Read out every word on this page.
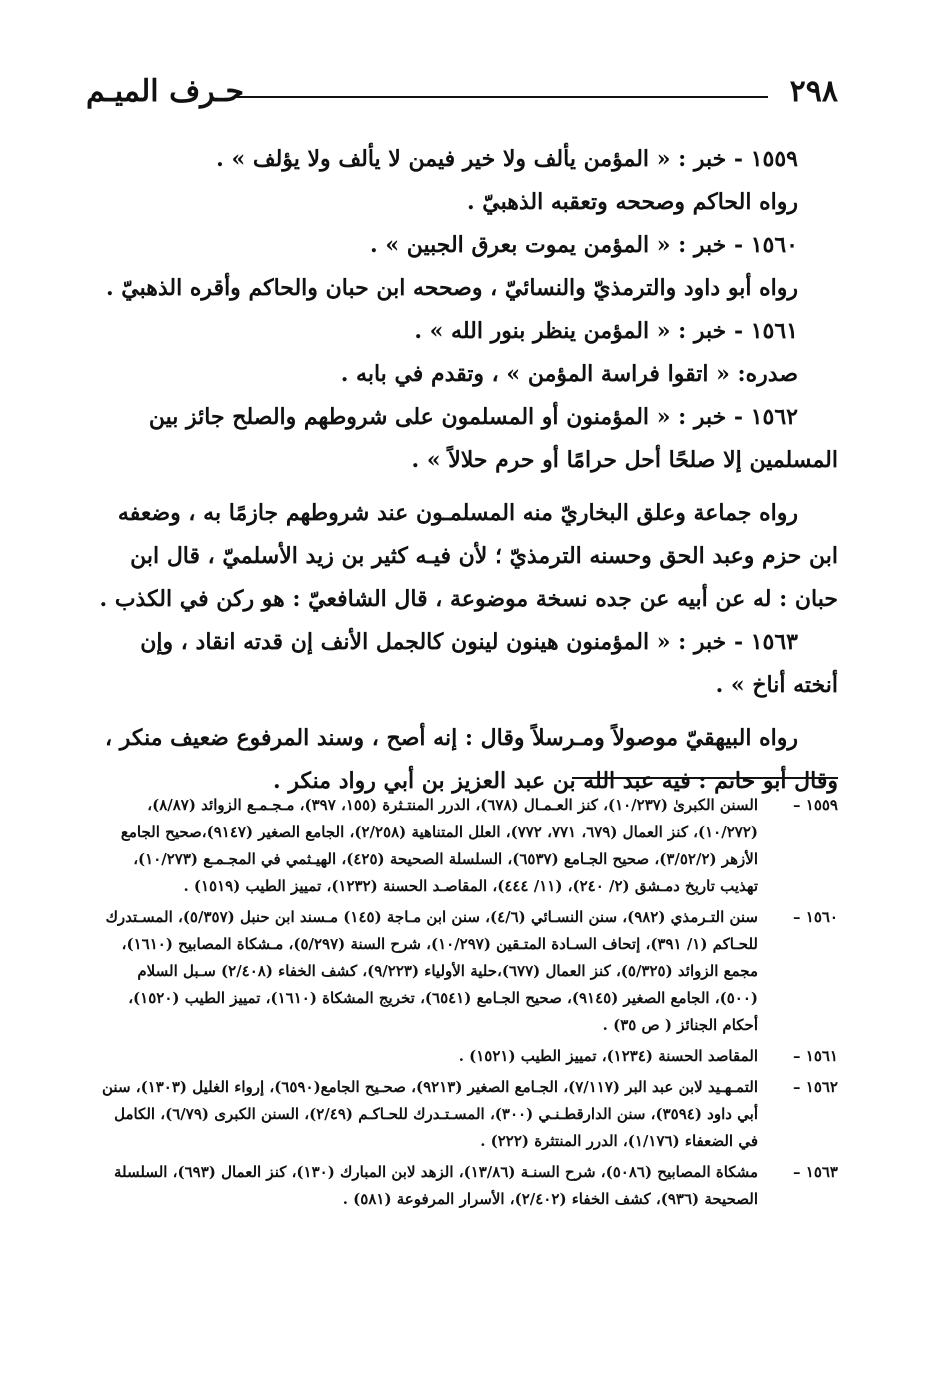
٢٩٨
حـرف الميـم

١٥٥٩ - خبر : « المؤمن يألف ولا خير فيمن لا يألف ولا يؤلف » .

رواه الحاكم وصححه وتعقبه الذهبيّ .

١٥٦٠ - خبر : « المؤمن يموت بعرق الجبين » .

رواه أبو داود والترمذيّ والنسائيّ ، وصححه ابن حبان والحاكم وأقره الذهبيّ .

١٥٦١ - خبر : « المؤمن ينظر بنور الله » .

صدره: « اتقوا فراسة المؤمن » ، وتقدم في بابه .

١٥٦٢ - خبر : « المؤمنون أو المسلمون على شروطهم والصلح جائز بين المسلمين إلا صلحًا أحل حرامًا أو حرم حلالاً » .

رواه جماعة وعلق البخاريّ منه المسلمـون عند شروطهم جازمًا به ، وضعفه ابن حزم وعبد الحق وحسنه الترمذيّ ؛ لأن فيـه كثير بن زيد الأسلميّ ، قال ابن حبان : له عن أبيه عن جده نسخة موضوعة ، قال الشافعيّ : هو ركن في الكذب .

١٥٦٣ - خبر : « المؤمنون هينون لينون كالجمل الأنف إن قدته انقاد ، وإن أنخته أناخ » .

رواه البيهقيّ موصولاً ومـرسلاً وقال : إنه أصح ، وسند المرفوع ضعيف منكر ، وقال أبو حاتم : فيه عبد الله بن عبد العزيز بن أبي رواد منكر .

١٥٥٩ –السنن الكبرىٰ (١٠/٢٣٧)، كنز العـمـال (٦٧٨)، الدرر المنتـثرة (١٥٥، ٣٩٧)، مـجـمـع الزوائد (٨/٨٧)، (١٠/٢٧٢)، كنز العمال (٦٧٩، ٧٧١، ٧٧٢)، العلل المتناهية (٢/٢٥٨)، الجامع الصغير (٩١٤٧)،صحيح الجامع الأزهر (٣/٥٢/٢)، صحيح الجـامع (٦٥٣٧)، السلسلة الصحيحة (٤٢٥)، الهيـثمي في المجـمـع (١٠/٢٧٣)، تهذيب تاريخ دمـشق (٢/ ٢٤٠)، (١١/ ٤٤٤)، المقاصـد الحسنة (١٢٣٢)، تمييز الطيب (١٥١٩) .

١٥٦٠ –سنن التـرمذي (٩٨٢)، سنن النسـائي (٤/٦)، سنن ابن مـاجة (١٤٥) مـسند ابن حنبل (٥/٣٥٧)، المسـتدرك للحـاكم (١/ ٣٩١)، إتحاف السـادة المتـقين (١٠/٢٩٧)، شرح السنة (٥/٢٩٧)، مـشكاة المصابيح (١٦١٠)، مجمع الزوائد (٥/٣٢٥)، كنز العمال (٦٧٧)،حلية الأولياء (٩/٢٢٣)، كشف الخفاء (٢/٤٠٨) سـبل السلام (٥٠٠)، الجامع الصغير (٩١٤٥)، صحيح الجـامع (٦٥٤١)، تخريج المشكاة (١٦١٠)، تمييز الطيب (١٥٢٠)، أحكام الجنائز ( ص ٣٥) .

١٥٦١ –المقاصد الحسنة (١٢٣٤)، تمييز الطيب (١٥٢١) .

١٥٦٢ –التمـهـيد لابن عبد البر (٧/١١٧)، الجـامع الصغير (٩٢١٣)، صحـيح الجامع(٦٥٩٠)، إرواء الغليل (١٣٠٣)، سنن أبي داود (٣٥٩٤)، سنن الدارقطـنـي (٣٠٠)، المسـتـدرك للحـاكـم (٢/٤٩)، السنن الكبرى (٦/٧٩)، الكامل في الضعفاء (١/١٧٦)، الدرر المنتثرة (٢٢٢) .

١٥٦٣ –مشكاة المصابيح (٥٠٨٦)، شرح السنـة (١٣/٨٦)، الزهد لابن المبارك (١٣٠)، كنز العمال (٦٩٣)، السلسلة الصحيحة (٩٣٦)، كشف الخفاء (٢/٤٠٢)، الأسرار المرفوعة (٥٨١) .
